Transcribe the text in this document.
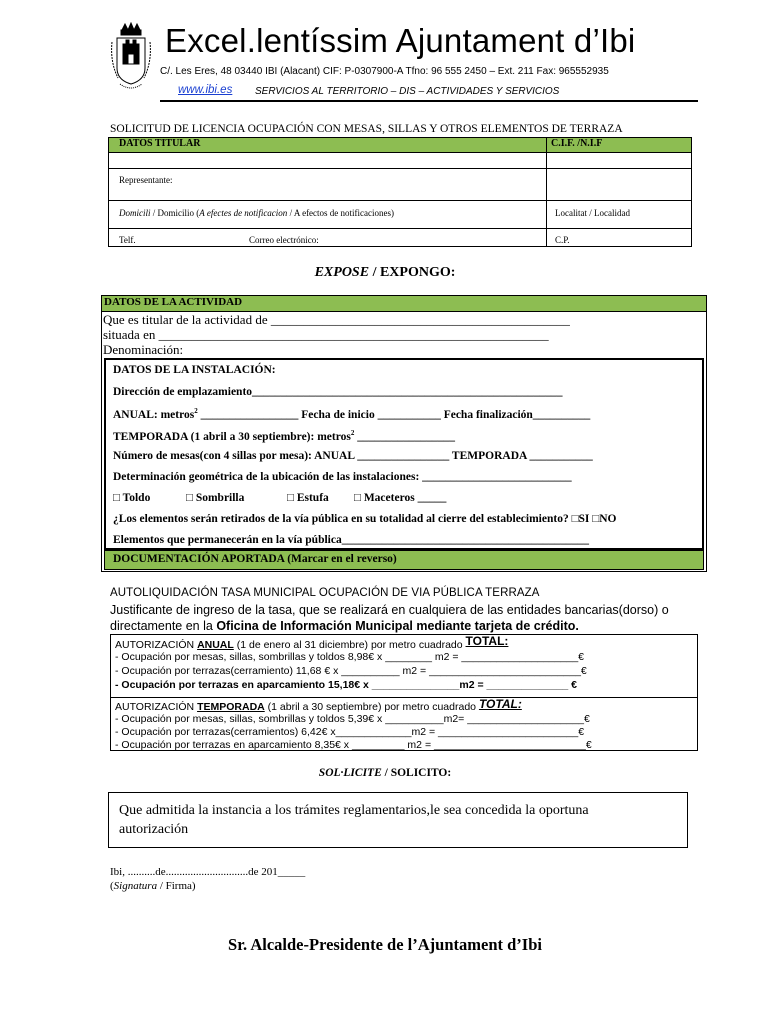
Excel.lentíssim Ajuntament d’Ibi
C/. Les Eres, 48 03440 IBI (Alacant) CIF: P-0307900-A Tfno: 96 555 2450 – Ext. 211 Fax: 965552935
www.ibi.es SERVICIOS AL TERRITORIO – DIS – ACTIVIDADES Y SERVICIOS
SOLICITUD DE LICENCIA OCUPACIÓN CON MESAS, SILLAS Y OTROS ELEMENTOS DE TERRAZA
DATOS TITULAR	C.I.F. /N.I.F
Representante:
Domicili / Domicilio (A efectes de notificacion / A efectos de notificaciones)	Localitat / Localidad
Telf.	Correo electrónico:	C.P.
EXPOSE / EXPONGO:
DATOS DE LA ACTIVIDAD
Que es titular de la actividad de ______________________________________________
situada en ____________________________________________________________
Denominación:
DATOS DE LA INSTALACIÓN:
Dirección de emplazamiento______________________________________________________
ANUAL: metros$^2$ _________________ Fecha de inicio ___________ Fecha finalización__________
TEMPORADA (1 abril a 30 septiembre): metros$^2$ _________________
Número de mesas(con 4 sillas por mesa): ANUAL ________________ TEMPORADA ___________
Determinación geométrica de la ubicación de las instalaciones: __________________________
□ Toldo	□ Sombrilla	□ Estufa □ Maceteros _____
¿Los elementos serán retirados de la vía pública en su totalidad al cierre del establecimiento? □SI □NO
Elementos que permanecerán en la vía pública___________________________________________
DOCUMENTACIÓN APORTADA (Marcar en el reverso)
AUTOLIQUIDACIÓN TASA MUNICIPAL OCUPACIÓN DE VIA PÚBLICA TERRAZA
Justificante de ingreso de la tasa, que se realizará en cualquiera de las entidades bancarias(dorso) o
directamente en la Oficina de Información Municipal mediante tarjeta de crédito.
AUTORIZACIÓN ANUAL (1 de enero al 31 diciembre) por metro cuadrado TOTAL:
- Ocupación por mesas, sillas, sombrillas y toldos 8,98€ x ________ m2 = ____________________€
- Ocupación por terrazas(cerramiento) 11,68 € x __________ m2 = __________________________€
- Ocupación por terrazas en aparcamiento 15,18€ x _______________m2 = ______________ €
AUTORIZACIÓN TEMPORADA (1 abril a 30 septiembre) por metro cuadrado TOTAL:
- Ocupación por mesas, sillas, sombrillas y toldos 5,39€ x __________m2= ____________________€
- Ocupación por terrazas(cerramientos) 6,42€ x_____________m2 = ________________________€
- Ocupación por terrazas en aparcamiento 8,35€ x _________ m2 = __________________________€
SOL·LICITE / SOLICITO:
Que admitida la instancia a los trámites reglamentarios,le sea concedida la oportuna autorización
Ibi, ..........de..............................de 201_____
(Signatura / Firma)
Sr. Alcalde-Presidente de l’Ajuntament d’Ibi
